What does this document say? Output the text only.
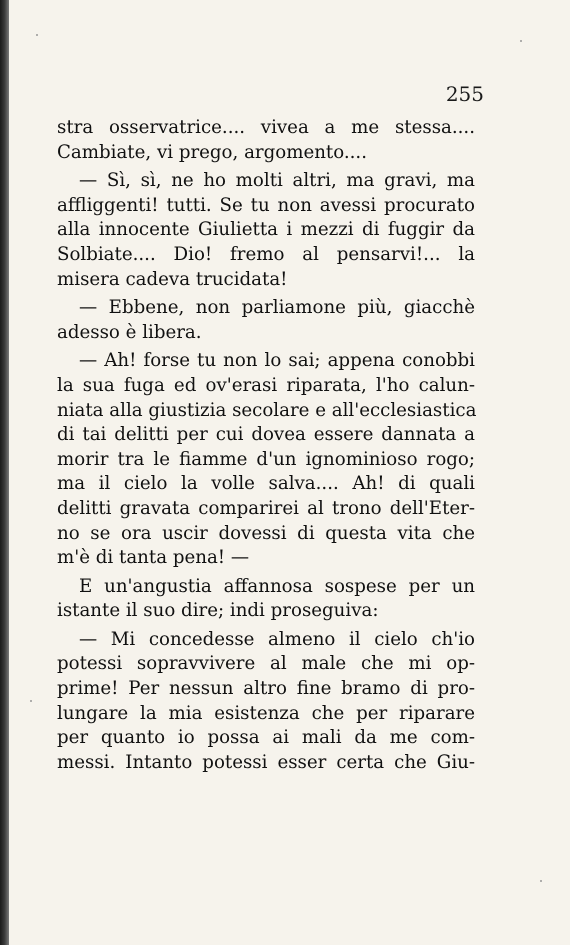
255
stra osservatrice.... vivea a me stessa....
Cambiate, vi prego, argomento....
— Sì, sì, ne ho molti altri, ma gravi, ma
affliggenti! tutti. Se tu non avessi procurato
alla innocente Giulietta i mezzi di fuggir da
Solbiate.... Dio! fremo al pensarvi!... la
misera cadeva trucidata!
— Ebbene, non parliamone più, giacchè
adesso è libera.
— Ah! forse tu non lo sai; appena conobbi
la sua fuga ed ov'erasi riparata, l'ho calun-
niata alla giustizia secolare e all'ecclesiastica
di tai delitti per cui dovea essere dannata a
morir tra le fiamme d'un ignominioso rogo;
ma il cielo la volle salva.... Ah! di quali
delitti gravata comparirei al trono dell'Eter-
no se ora uscir dovessi di questa vita che
m'è di tanta pena! —
E un'angustia affannosa sospese per un
istante il suo dire; indi proseguiva:
— Mi concedesse almeno il cielo ch'io
potessi sopravvivere al male che mi op-
prime! Per nessun altro fine bramo di pro-
lungare la mia esistenza che per riparare
per quanto io possa ai mali da me com-
messi. Intanto potessi esser certa che Giu-
